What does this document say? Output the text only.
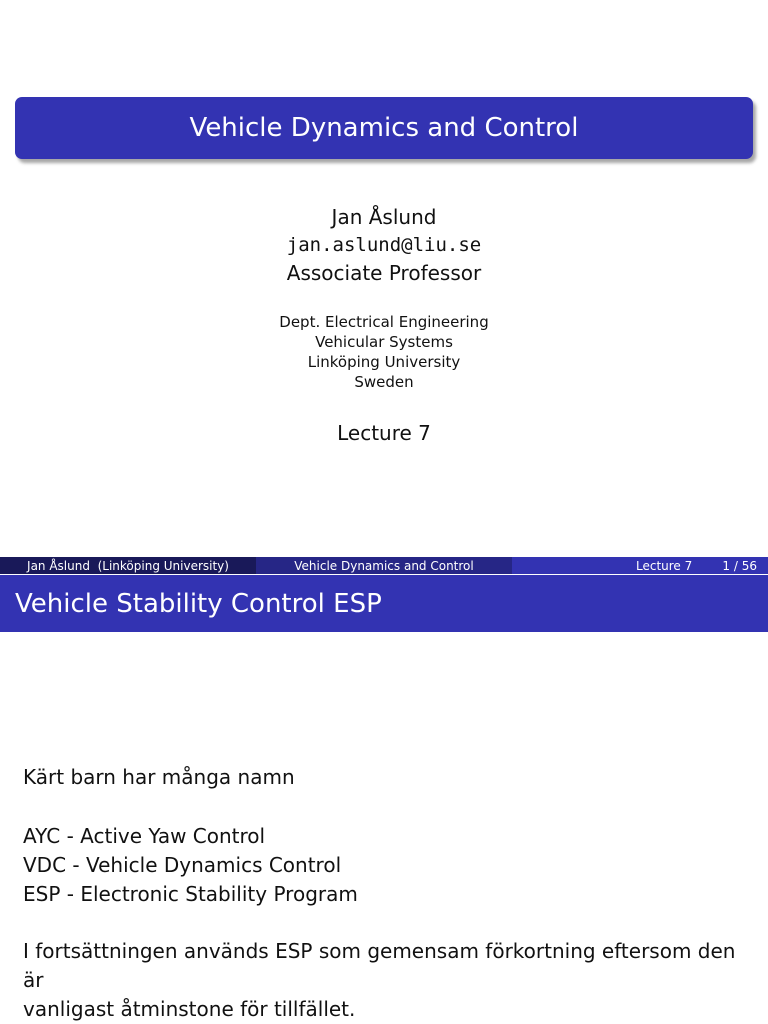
Vehicle Dynamics and Control
Jan Åslund
jan.aslund@liu.se
Associate Professor
Dept. Electrical Engineering
Vehicular Systems
Linköping University
Sweden
Lecture 7
Jan Åslund  (Linköping University)	Vehicle Dynamics and Control	Lecture 7	1 / 56
Vehicle Stability Control ESP
Kärt barn har många namn
AYC - Active Yaw Control
VDC - Vehicle Dynamics Control
ESP - Electronic Stability Program
I fortsättningen används ESP som gemensam förkortning eftersom den är
vanligast åtminstone för tillfället.
